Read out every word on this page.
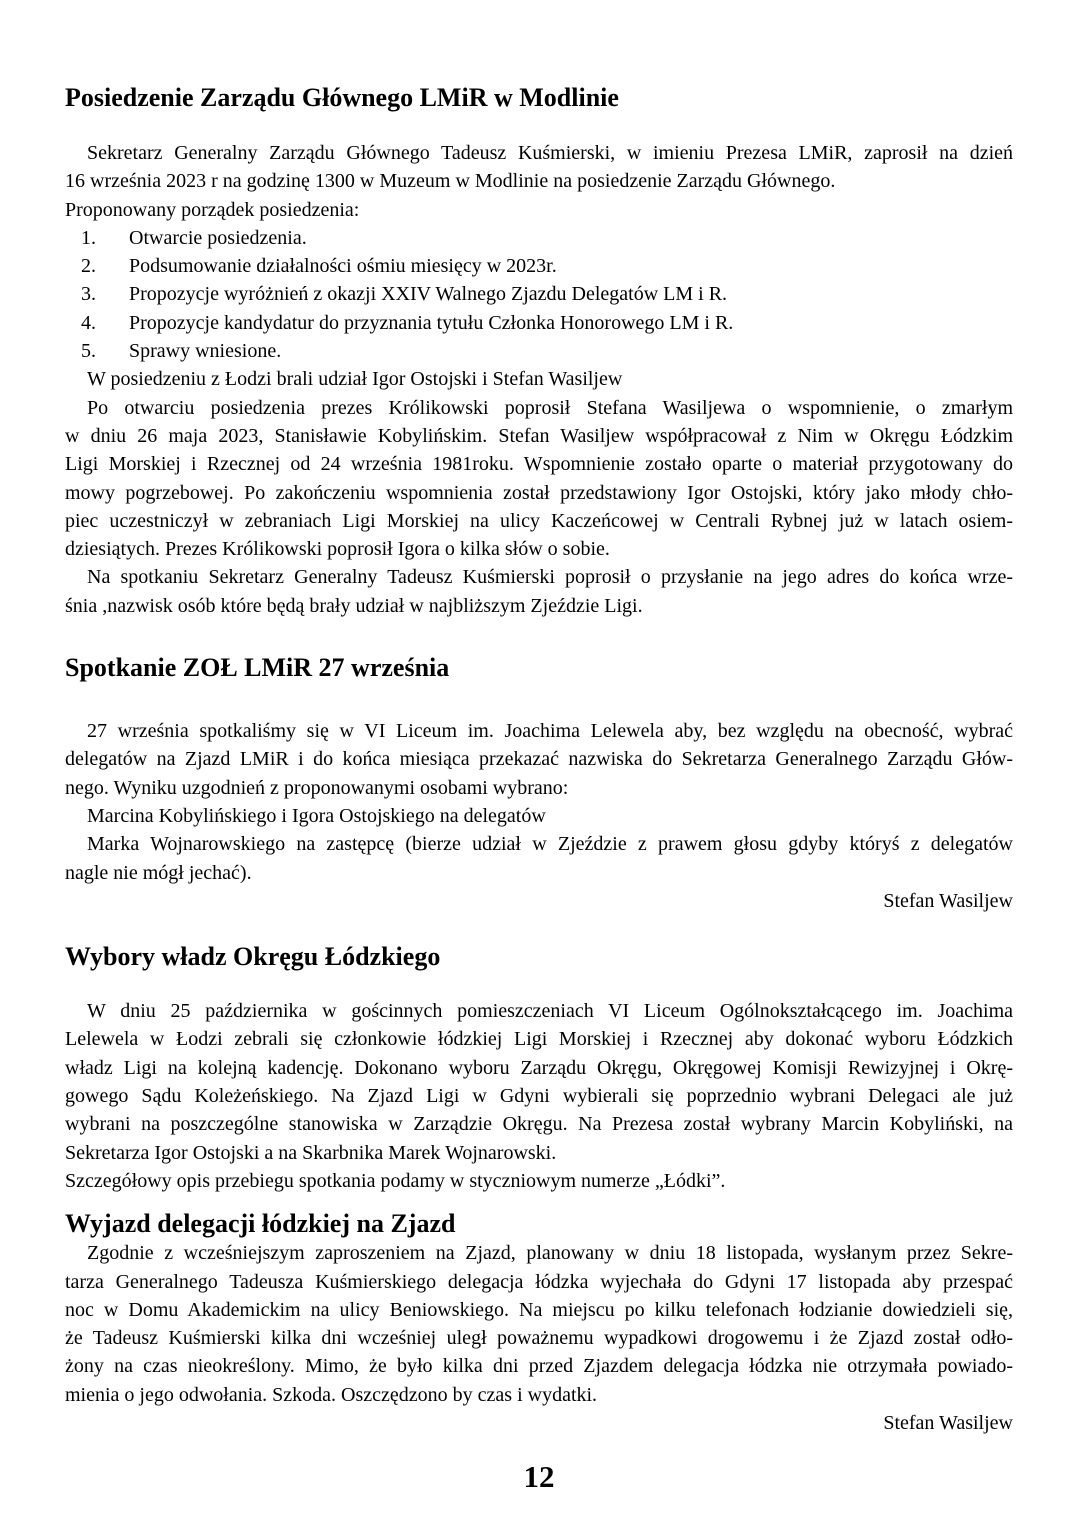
Posiedzenie Zarządu Głównego LMiR w Modlinie
Sekretarz Generalny Zarządu Głównego Tadeusz Kuśmierski, w imieniu Prezesa LMiR, zaprosił na dzień
16 września 2023 r na godzinę 1300 w Muzeum w Modlinie na posiedzenie Zarządu Głównego.
Proponowany porządek posiedzenia:
1.	Otwarcie posiedzenia.
2.	Podsumowanie działalności ośmiu miesięcy w 2023r.
3.	Propozycje wyróżnień z okazji XXIV Walnego Zjazdu Delegatów LM i R.
4.	Propozycje kandydatur do przyznania tytułu Członka Honorowego LM i R.
5.	Sprawy wniesione.
W posiedzeniu z Łodzi brali udział Igor Ostojski i Stefan Wasiljew
Po otwarciu posiedzenia prezes Królikowski poprosił Stefana Wasiljewa o wspomnienie, o zmarłym
w dniu 26 maja 2023, Stanisławie Kobylińskim. Stefan Wasiljew współpracował z Nim w Okręgu Łódzkim
Ligi Morskiej i Rzecznej od 24 września 1981roku. Wspomnienie zostało oparte o materiał przygotowany do
mowy pogrzebowej. Po zakończeniu wspomnienia został przedstawiony Igor Ostojski, który jako młody chło-
piec uczestniczył w zebraniach Ligi Morskiej na ulicy Kaczeńcowej w Centrali Rybnej już w latach osiem-
dziesiątych. Prezes Królikowski poprosił Igora o kilka słów o sobie.
Na spotkaniu Sekretarz Generalny Tadeusz Kuśmierski poprosił o przysłanie na jego adres do końca wrze-
śnia ,nazwisk osób które będą brały udział w najbliższym Zjeździe Ligi.
Spotkanie ZOŁ LMiR 27 września
27 września spotkaliśmy się w VI Liceum im. Joachima Lelewela aby, bez względu na obecność, wybrać
delegatów na Zjazd LMiR i do końca miesiąca przekazać nazwiska do Sekretarza Generalnego Zarządu Głów-
nego. Wyniku uzgodnień z proponowanymi osobami wybrano:
Marcina Kobylińskiego i Igora Ostojskiego na delegatów
Marka Wojnarowskiego na zastępcę (bierze udział w Zjeździe z prawem głosu gdyby któryś z delegatów
nagle nie mógł jechać).
Stefan Wasiljew
Wybory władz Okręgu Łódzkiego
W dniu 25 października w gościnnych pomieszczeniach VI Liceum Ogólnokształcącego im. Joachima
Lelewela w Łodzi zebrali się członkowie łódzkiej Ligi Morskiej i Rzecznej aby dokonać wyboru Łódzkich
władz Ligi na kolejną kadencję. Dokonano wyboru Zarządu Okręgu, Okręgowej Komisji Rewizyjnej i Okrę-
gowego Sądu Koleżeńskiego. Na Zjazd Ligi w Gdyni wybierali się poprzednio wybrani Delegaci ale już
wybrani na poszczególne stanowiska w Zarządzie Okręgu. Na Prezesa został wybrany Marcin Kobyliński, na
Sekretarza Igor Ostojski a na Skarbnika Marek Wojnarowski.
Szczegółowy opis przebiegu spotkania podamy w styczniowym numerze „Łódki”.
Wyjazd delegacji łódzkiej na Zjazd
Zgodnie z wcześniejszym zaproszeniem na Zjazd, planowany w dniu 18 listopada, wysłanym przez Sekre-
tarza Generalnego Tadeusza Kuśmierskiego delegacja łódzka wyjechała do Gdyni 17 listopada aby przespać
noc w Domu Akademickim na ulicy Beniowskiego. Na miejscu po kilku telefonach łodzianie dowiedzieli się,
że Tadeusz Kuśmierski kilka dni wcześniej uległ poważnemu wypadkowi drogowemu i że Zjazd został odło-
żony na czas nieokreślony. Mimo, że było kilka dni przed Zjazdem delegacja łódzka nie otrzymała powiado-
mienia o jego odwołania. Szkoda. Oszczędzono by czas i wydatki.
Stefan Wasiljew
12
